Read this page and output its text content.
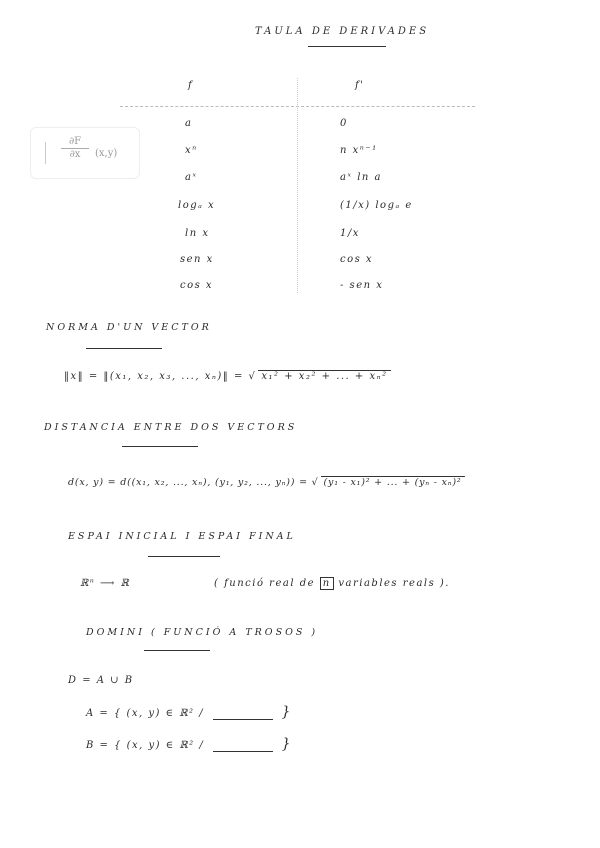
TAULA DE DERIVADES
f	f'
a	0
xⁿ	n xⁿ⁻¹
aˣ	aˣ ln a
logₐ x	(1/x) logₐ e
ln x	1/x
sen x	cos x
cos x	- sen x
$\frac{\partial F}{\partial x} (x,y)$
NORMA D'UN VECTOR
‖x‖ = ‖(x₁, x₂, x₃, ..., xₙ)‖ = √ x₁² + x₂² + ... + xₙ²
DISTANCIA ENTRE DOS VECTORS
d(x, y) = d((x₁, x₂, ..., xₙ), (y₁, y₂, ..., yₙ)) = √ (y₁ - x₁)² + ... + (yₙ - xₙ)²
ESPAI INICIAL I ESPAI FINAL
ℝⁿ ⟶ ℝ	( funció real de n variables reals ).
DOMINI ( FUNCIÓ A TROSOS )
D = A ∪ B
A = { (x, y) ∈ ℝ² /	}
B = { (x, y) ∈ ℝ² /	}
